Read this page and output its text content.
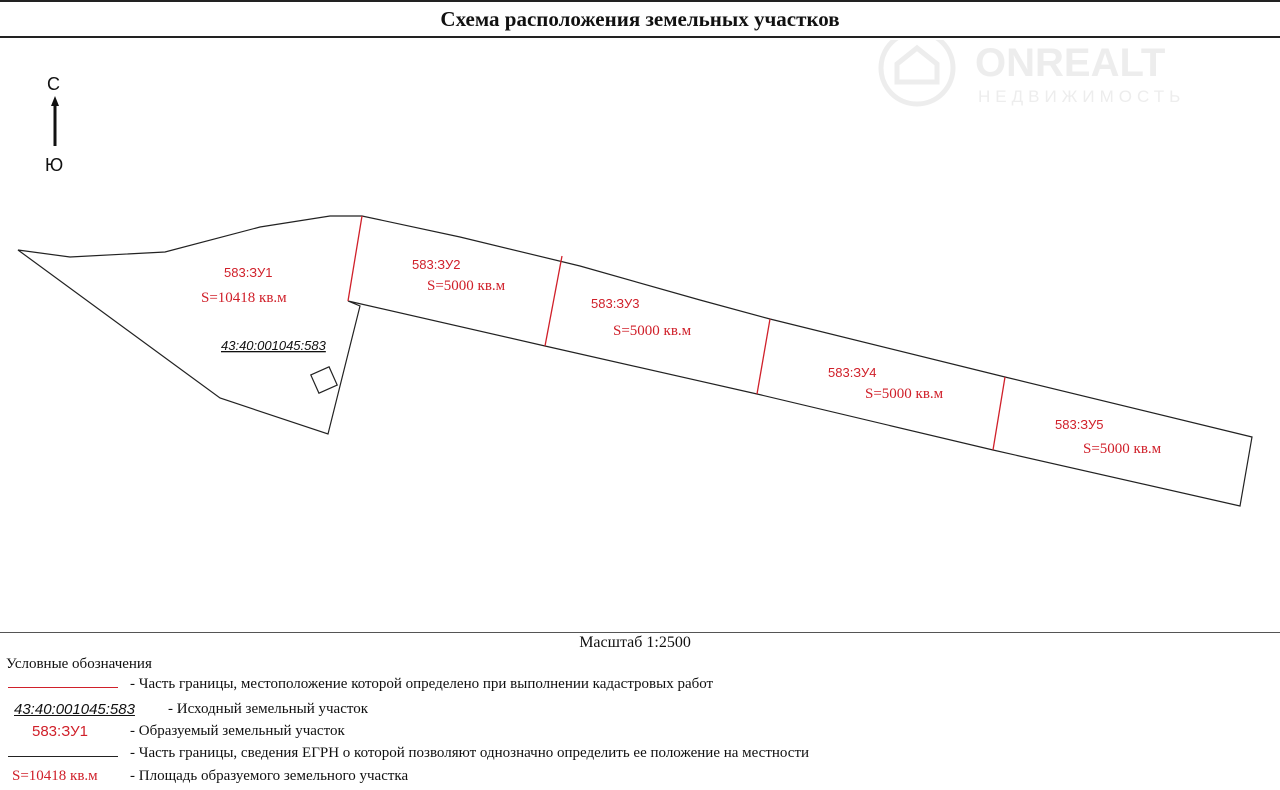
Схема расположения земельных участков
ONREALT
НЕДВИЖИМОСТЬ
С
Ю
43:40:001045:583
583:ЗУ1
S=10418 кв.м
583:ЗУ2
S=5000 кв.м
583:ЗУ3
S=5000 кв.м
583:ЗУ4
S=5000 кв.м
583:ЗУ5
S=5000 кв.м
Масштаб 1:2500
Условные обозначения
- Часть границы, местоположение которой определено при выполнении кадастровых работ
43:40:001045:583 - Исходный земельный участок
583:ЗУ1	- Образуемый земельный участок
- Часть границы, сведения ЕГРН о которой позволяют однозначно определить ее положение на местности
S=10418 кв.м - Площадь образуемого земельного участка
